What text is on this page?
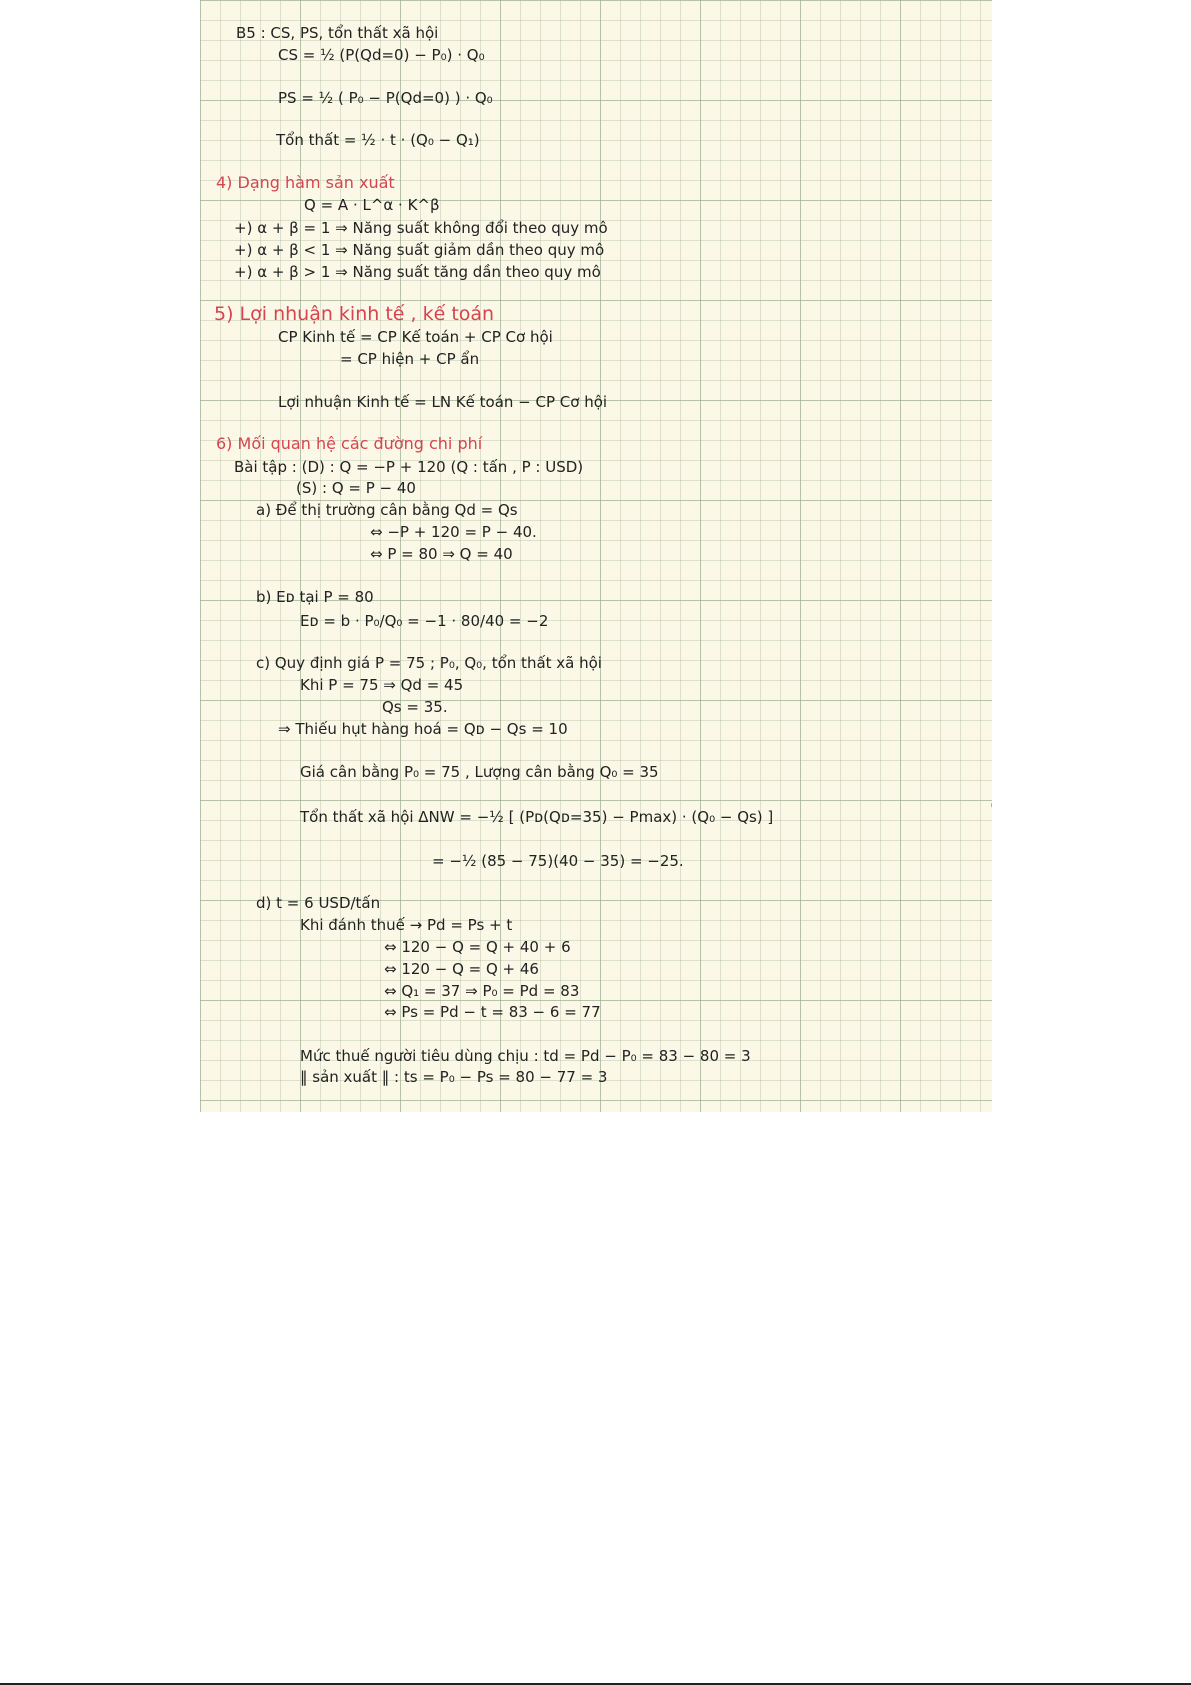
B5 : CS, PS, tổn thất xã hội
CS = ½ (P(Qd=0) − P₀) · Q₀
PS = ½ ( P₀ − P(Qd=0) ) · Q₀
Tổn thất = ½ · t · (Q₀ − Q₁)
4) Dạng hàm sản xuất
Q = A · L^α · K^β
+) α + β = 1 ⇒ Năng suất không đổi theo quy mô
+) α + β < 1 ⇒ Năng suất giảm dần theo quy mô
+) α + β > 1 ⇒ Năng suất tăng dần theo quy mô
5) Lợi nhuận kinh tế , kế toán
CP Kinh tế = CP Kế toán + CP Cơ hội
= CP hiện + CP ẩn
Lợi nhuận Kinh tế = LN Kế toán − CP Cơ hội
6) Mối quan hệ các đường chi phí
Bài tập : (D) : Q = −P + 120 (Q : tấn , P : USD)
(S) : Q = P − 40
a) Để thị trường cân bằng Qd = Qs
⇔ −P + 120 = P − 40.
⇔ P = 80 ⇒ Q = 40
b) Eᴅ tại P = 80
Eᴅ = b · P₀/Q₀ = −1 · 80/40 = −2
c) Quy định giá P = 75 ; P₀, Q₀, tổn thất xã hội
Khi P = 75 ⇒ Qd = 45
Qs = 35.
⇒ Thiếu hụt hàng hoá = Qᴅ − Qs = 10
Giá cân bằng P₀ = 75 , Lượng cân bằng Q₀ = 35
Tổn thất xã hội ΔNW = −½ [ (Pᴅ(Qᴅ=35) − Pmax) · (Q₀ − Qs) ]
= −½ (85 − 75)(40 − 35) = −25.
d) t = 6 USD/tấn
Khi đánh thuế → Pd = Ps + t
⇔ 120 − Q = Q + 40 + 6
⇔ 120 − Q = Q + 46
⇔ Q₁ = 37 ⇒ P₀ = Pd = 83
⇔ Ps = Pd − t = 83 − 6 = 77
Mức thuế người tiêu dùng chịu : td = Pd − P₀ = 83 − 80 = 3
‖ sản xuất ‖ : ts = P₀ − Ps = 80 − 77 = 3
